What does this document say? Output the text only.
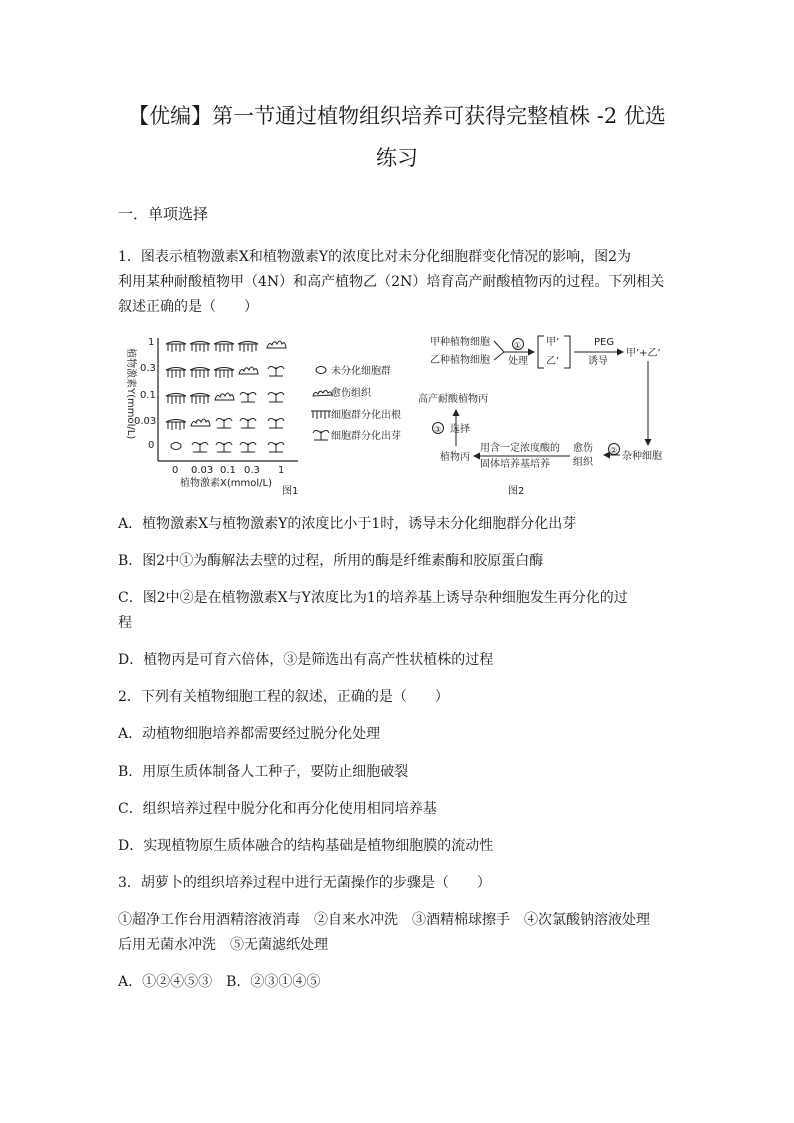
【优编】第一节通过植物组织培养可获得完整植株 -2 优选
练习
一．单项选择
1．图表示植物激素X和植物激素Y的浓度比对未分化细胞群变化情况的影响，图2为
利用某种耐酸植物甲（4N）和高产植物乙（2N）培育高产耐酸植物丙的过程。下列相关
叙述正确的是（　　）
植物激素Y(mmol/L)
1
0.3
0.1
0.03
0
0 0.03 0.1 0.3 1
植物激素X(mmol/L)
未分化细胞群
愈伤组织
细胞群分化出根
细胞群分化出芽
图1
甲种植物细胞
乙种植物细胞
①
处理
甲’
乙’
PEG
诱导
甲’+乙’
杂种细胞
②
愈伤
组织
用含一定浓度酸的
固体培养基培养
植物丙
③ 选择
高产耐酸植物丙
图2
A．植物激素X与植物激素Y的浓度比小于1时，诱导未分化细胞群分化出芽
B．图2中①为酶解法去壁的过程，所用的酶是纤维素酶和胶原蛋白酶
C．图2中②是在植物激素X与Y浓度比为1的培养基上诱导杂种细胞发生再分化的过
程
D．植物丙是可育六倍体，③是筛选出有高产性状植株的过程
2．下列有关植物细胞工程的叙述，正确的是（　　）
A．动植物细胞培养都需要经过脱分化处理
B．用原生质体制备人工种子，要防止细胞破裂
C．组织培养过程中脱分化和再分化使用相同培养基
D．实现植物原生质体融合的结构基础是植物细胞膜的流动性
3．胡萝卜的组织培养过程中进行无菌操作的步骤是（　　）
①超净工作台用酒精溶液消毒　②自来水冲洗　③酒精棉球擦手　④次氯酸钠溶液处理
后用无菌水冲洗　⑤无菌滤纸处理
A．①②④⑤③　B．②③①④⑤
